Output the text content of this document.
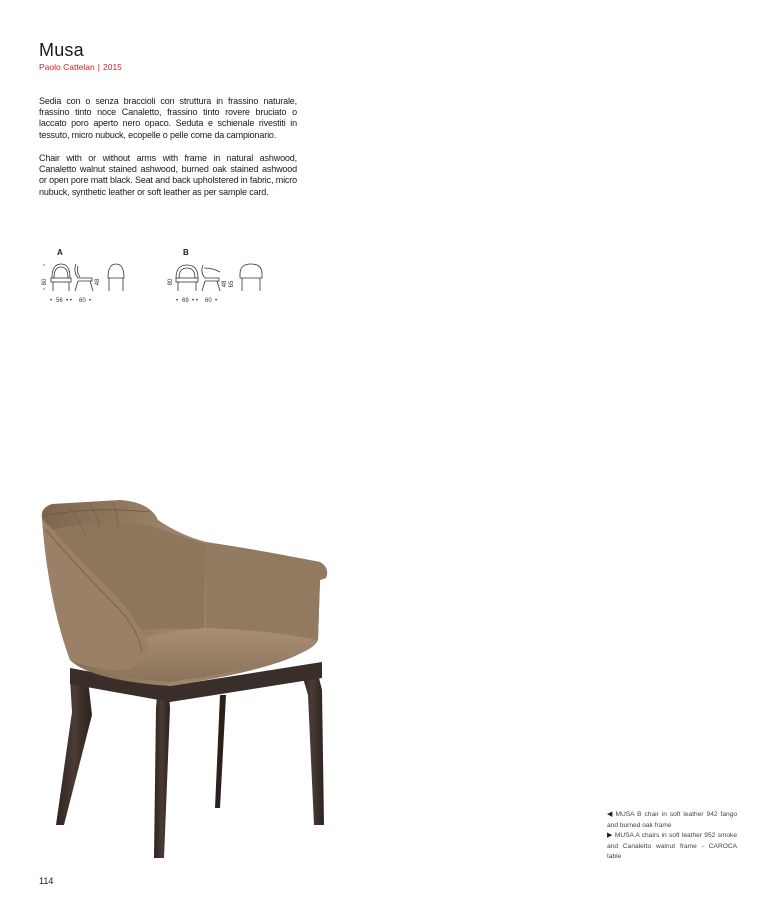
Musa
Paolo Cattelan | 2015
Sedia con o senza braccioli con struttura in frassino naturale, frassino tinto noce Canaletto, frassino tinto rovere bruciato o laccato poro aperto nero opaco. Seduta e schienale rivestiti in tessuto, micro nubuck, ecopelle o pelle come da campionario.
Chair with or without arms with frame in natural ashwood, Canaletto walnut stained ashwood, burned oak stained ashwood or open pore matt black. Seat and back upholstered in fabric, micro nubuck, synthetic leather or soft leather as per sample card.
A
80	48
• 56 • • 60 •
B
80	48 65
• 69 • • 60 •
◀ MUSA B chair in soft leather 942 fango and burned oak frame
▶ MUSA A chairs in soft leather 952 smoke and Canaletto walnut frame - CAROCA table
114
